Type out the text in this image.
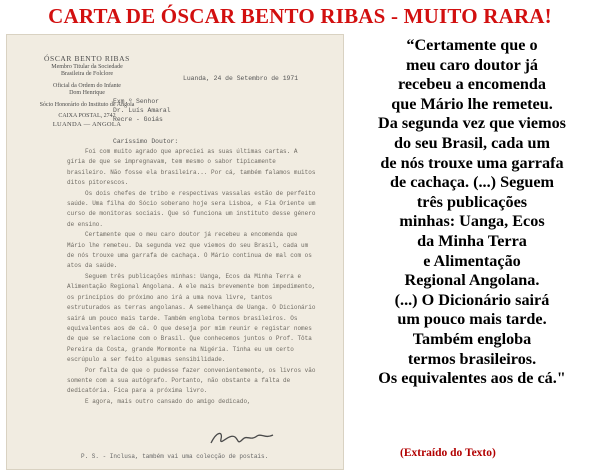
CARTA DE ÓSCAR BENTO RIBAS - MUITO RARA!
ÓSCAR BENTO RIBAS
Membro Titular da Sociedade
Brasileira de Folclore
Oficial da Ordem do Infante
Dom Henrique
Sócio Honorário do Instituto de Angola
CAIXA POSTAL, 2742
LUANDA — ANGOLA
Luanda, 24 de Setembro de 1971
Exm.º Senhor
Dr. Luís Amaral
Recre - Goiás
Caríssimo Doutor:
Foi com muito agrado que apreciei as suas últimas cartas. A gíria de que se impregnavam, tem mesmo o sabor tipicamente brasileiro. Não fosse ela brasileira... Por cá, também falamos muitos ditos pitorescos.
Os dois chefes de tribo e respectivas vassalas estão de perfeito saúde. Uma filha do Sócio soberano hoje sera Lisboa, e Fia Oriente um curso de monitoras sociais. Que só funciona um instituto desse género de ensino.
Certamente que o meu caro doutor já recebeu a encomenda que Mário lhe remeteu. Da segunda vez que viemos do seu Brasil, cada um de nós trouxe uma garrafa de cachaça. O Mário continua de mal com os atos da saúde.
Seguem três publicações minhas: Uanga, Ecos da Minha Terra e Alimentação Regional Angolana. A ele mais brevemente bom impedimento, os princípios do próximo ano irá a uma nova livre, tantos estruturados as terras angolanas. A semelhança de Uanga. O Dicionário sairá um pouco mais tarde. Também engloba termos brasileiros. Os equivalentes aos de cá. O que deseja por mim reunir e registar nomes de que se relacione com o Brasil. Que conhecemos juntos o Prof. Tôta Pereira da Costa, grande Mormonte na Nigéria. Tinha eu um certo escrúpulo a ser feito algumas sensibilidade.
Por falta de que o pudesse fazer convenientemente, os livros vão somente com a sua autógrafo. Portanto, não obstante a falta de dedicatória. Fica para a próxima livro.
E agora, mais outro cansado do amigo dedicado,
P. S. - Inclusa, também vai uma colecção de postais.
“Certamente que o
meu caro doutor já
recebeu a encomenda
que Mário lhe remeteu.
Da segunda vez que viemos
do seu Brasil, cada um
de nós trouxe uma garrafa
de cachaça. (...) Seguem
três publicações
minhas: Uanga, Ecos
da Minha Terra
e Alimentação
Regional Angolana.
(...) O Dicionário sairá
um pouco mais tarde.
Também engloba
termos brasileiros.
Os equivalentes aos de cá."
(Extraído do Texto)
